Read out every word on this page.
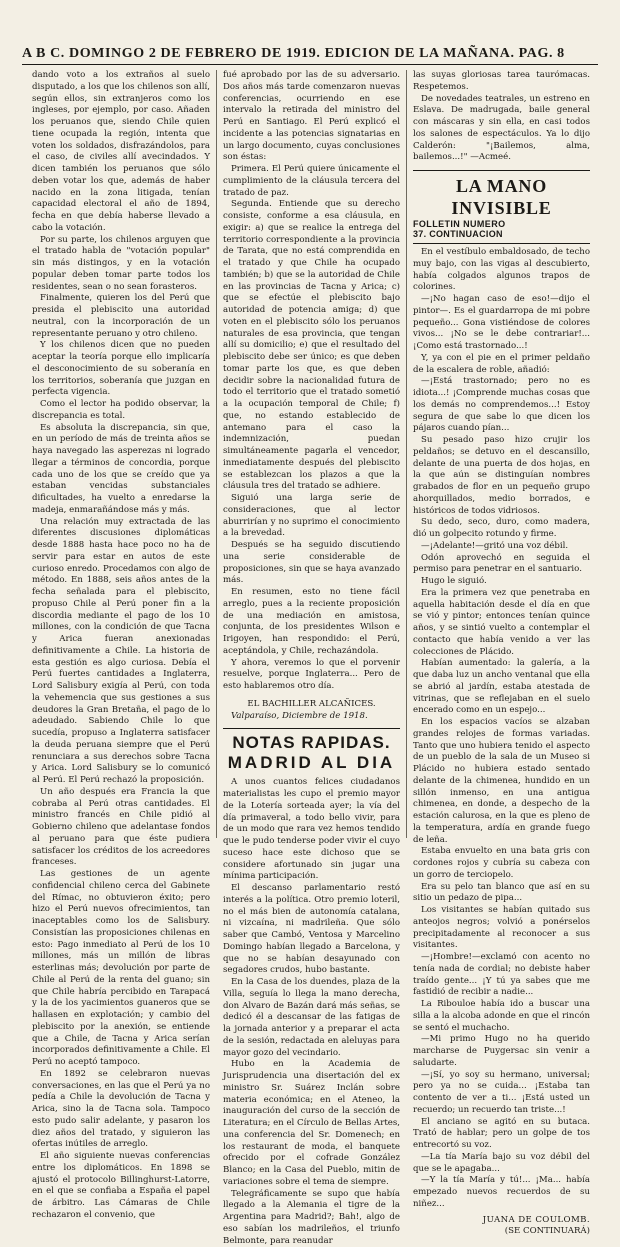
A B C. DOMINGO 2 DE FEBRERO DE 1919. EDICION DE LA MAÑANA. PAG. 8

dando voto a los extraños al suelo disputado, a los que los chilenos son allí, según ellos, sin extranjeros como los ingleses, por ejemplo, por caso. Añaden los peruanos que, siendo Chile quien tiene ocupada la región, intenta que voten los soldados, disfrazándolos, para el caso, de civiles allí avecindados. Y dicen también los peruanos que sólo deben votar los que, además de haber nacido en la zona litigada, tenían capacidad electoral el año de 1894, fecha en que debía haberse llevado a cabo la votación.

Por su parte, los chilenos arguyen que el tratado habla de "votación popular" sin más distingos, y en la votación popular deben tomar parte todos los residentes, sean o no sean forasteros.

Finalmente, quieren los del Perú que presida el plebiscito una autoridad neutral, con la incorporación de un representante peruano y otro chileno.

Y los chilenos dicen que no pueden aceptar la teoría porque ello implicaría el desconocimiento de su soberanía en los territorios, soberanía que juzgan en perfecta vigencia.

Como el lector ha podido observar, la discrepancia es total.

Es absoluta la discrepancia, sin que, en un período de más de treinta años se haya navegado las asperezas ni logrado llegar a términos de concordia, porque cada uno de los que se creído que ya estaban vencidas substanciales dificultades, ha vuelto a enredarse la madeja, enmarañándose más y más.

Una relación muy extractada de las diferentes discusiones diplomáticas desde 1888 hasta hace poco no ha de servir para estar en autos de este curioso enredo. Procedamos con algo de método. En 1888, seis años antes de la fecha señalada para el plebiscito, propuso Chile al Perú poner fin a la discordia mediante el pago de los 10 millones, con la condición de que Tacna y Arica fueran anexionadas definitivamente a Chile. La historia de esta gestión es algo curiosa. Debía el Perú fuertes cantidades a Inglaterra, Lord Salisbury exigía al Perú, con toda la vehemencia que sus gestiones a sus deudores la Gran Bretaña, el pago de lo adeudado. Sabiendo Chile lo que sucedía, propuso a Inglaterra satisfacer la deuda peruana siempre que el Perú renunciara a sus derechos sobre Tacna y Arica. Lord Salisbury se lo comunicó al Perú. El Perú rechazó la proposición.

Un año después era Francia la que cobraba al Perú otras cantidades. El ministro francés en Chile pidió al Gobierno chileno que adelantase fondos al peruano para que éste pudiera satisfacer los créditos de los acreedores franceses.

Las gestiones de un agente confidencial chileno cerca del Gabinete del Rímac, no obtuvieron éxito; pero hizo el Perú nuevos ofrecimientos, tan inaceptables como los de Salisbury. Consistían las proposiciones chilenas en esto: Pago inmediato al Perú de los 10 millones, más un millón de libras esterlinas más; devolución por parte de Chile al Perú de la renta del guano; sin que Chile habría percibido en Tarapacá y la de los yacimientos guaneros que se hallasen en explotación; y cambio del plebiscito por la anexión, se entiende que a Chile, de Tacna y Arica serían incorporados definitivamente a Chile. El Perú no aceptó tampoco.

En 1892 se celebraron nuevas conversaciones, en las que el Perú ya no pedía a Chile la devolución de Tacna y Arica, sino la de Tacna sola. Tampoco esto pudo salir adelante, y pasaron los diez años del tratado, y siguieron las ofertas inútiles de arreglo.

El año siguiente nuevas conferencias entre los diplomáticos. En 1898 se ajustó el protocolo Billinghurst-Latorre, en el que se confiaba a España el papel de árbitro. Las Cámaras de Chile rechazaron el convenio, que

fué aprobado por las de su adversario. Dos años más tarde comenzaron nuevas conferencias, ocurriendo en ese intervalo la retirada del ministro del Perú en Santiago. El Perú explicó el incidente a las potencias signatarias en un largo documento, cuyas conclusiones son éstas:

Primera. El Perú quiere únicamente el cumplimiento de la cláusula tercera del tratado de paz.

Segunda. Entiende que su derecho consiste, conforme a esa cláusula, en exigir: a) que se realice la entrega del territorio correspondiente a la provincia de Tarata, que no está comprendida en el tratado y que Chile ha ocupado también; b) que se la autoridad de Chile en las provincias de Tacna y Arica; c) que se efectúe el plebiscito bajo autoridad de potencia amiga; d) que voten en el plebiscito sólo los peruanos naturales de esa provincia, que tengan allí su domicilio; e) que el resultado del plebiscito debe ser único; es que deben tomar parte los que, es que deben decidir sobre la nacionalidad futura de todo el territorio que el tratado sometió a la ocupación temporal de Chile; f) que, no estando establecido de antemano para el caso la indemnización, puedan simultáneamente pagarla el vencedor, inmediatamente después del plebiscito se establezcan los plazos a que la cláusula tres del tratado se adhiere.

Siguió una larga serie de consideraciones, que al lector aburrirían y no suprimo el conocimiento a la brevedad.

Después se ha seguido discutiendo una serie considerable de proposiciones, sin que se haya avanzado más.

En resumen, esto no tiene fácil arreglo, pues a la reciente proposición de una mediación en amistosa, conjunta, de los presidentes Wilson e Irigoyen, han respondido: el Perú, aceptándola, y Chile, rechazándola.

Y ahora, veremos lo que el porvenir resuelve, porque Inglaterra... Pero de esto hablaremos otro día.

EL BACHILLER ALCAÑICES.

Valparaíso, Diciembre de 1918.

NOTAS RAPIDAS.
MADRID AL DIA

A unos cuantos felices ciudadanos materialistas les cupo el premio mayor de la Lotería sorteada ayer; la vía del día primaveral, a todo bello vivir, para de un modo que rara vez hemos tendido que le pudo tenderse poder vivir el cuyo suceso hace este dichoso que se considere afortunado sin jugar una mínima participación.

El descanso parlamentario restó interés a la política. Otro premio loteril, no el más bien de autonomía catalana, ni vizcaína, ni madrileña. Que sólo saber que Cambó, Ventosa y Marcelino Domingo habían llegado a Barcelona, y que no se habían desayunado con segadores crudos, hubo bastante.

En la Casa de los duendes, plaza de la Villa, seguía lo llega la mano derecha, don Alvaro de Bazán dará más señas, se dedicó él a descansar de las fatigas de la jornada anterior y a preparar el acta de la sesión, redactada en aleluyas para mayor gozo del vecindario.

Hubo en la Academia de Jurisprudencia una disertación del ex ministro Sr. Suárez Inclán sobre materia económica; en el Ateneo, la inauguración del curso de la sección de Literatura; en el Círculo de Bellas Artes, una conferencia del Sr. Domenech; en los restaurant de moda, el banquete ofrecido por el cofrade González Blanco; en la Casa del Pueblo, mitin de variaciones sobre el tema de siempre.

Telegráficamente se supo que había llegado a la Alemania el tigre de la Argentina para Madrid?; Bah!, algo de eso sabían los madrileños, el triunfo Belmonte, para reanudar

las suyas gloriosas tarea taurómacas. Respetemos.

De novedades teatrales, un estreno en Eslava. De madrugada, baile general con máscaras y sin ella, en casi todos los salones de espectáculos. Ya lo dijo Calderón: "¡Bailemos, alma, bailemos...!" —Acmeé.

LA MANO INVISIBLE
FOLLETIN NUMERO
37. CONTINUACION

En el vestíbulo embaldosado, de techo muy bajo, con las vigas al descubierto, había colgados algunos trapos de colorines.

—¡No hagan caso de eso!—dijo el pintor—. Es el guardarropa de mi pobre pequeño... Gona vistiéndose de colores vivos... ¡No se le debe contrariar!... ¡Como está trastornado...!

Y, ya con el pie en el primer peldaño de la escalera de roble, añadió:

—¡Está trastornado; pero no es idiota...! ¡Comprende muchas cosas que los demás no comprendemos...! Estoy segura de que sabe lo que dicen los pájaros cuando pían...

Su pesado paso hizo crujir los peldaños; se detuvo en el descansillo, delante de una puerta de dos hojas, en la que aún se distinguían nombres grabados de flor en un pequeño grupo ahorquillados, medio borrados, e históricos de todos vidriosos.

Su dedo, seco, duro, como madera, dió un golpecito rotundo y firme.

—¡Adelante!—gritó una voz débil.

Odón aprovechó en seguida el permiso para penetrar en el santuario.

Hugo le siguió.

Era la primera vez que penetraba en aquella habitación desde el día en que se vió y pintor; entonces tenían quince años, y se sintió vuelto a contemplar el contacto que había venido a ver las colecciones de Plácido.

Habían aumentado: la galería, a la que daba luz un ancho ventanal que ella se abrió al jardín, estaba atestada de vitrinas, que se reflejaban en el suelo encerado como en un espejo...

En los espacios vacíos se alzaban grandes relojes de formas variadas. Tanto que uno hubiera tenido el aspecto de un pueblo de la sala de un Museo si Plácido no hubiera estado sentado delante de la chimenea, hundido en un sillón inmenso, en una antigua chimenea, en donde, a despecho de la estación calurosa, en la que es pleno de la temperatura, ardía en grande fuego de leña.

Estaba envuelto en una bata gris con cordones rojos y cubría su cabeza con un gorro de terciopelo.

Era su pelo tan blanco que así en su sitio un pedazo de pipa...

Los visitantes se habían quitado sus anteojos negros; volvió a ponérselos precipitadamente al reconocer a sus visitantes.

—¡Hombre!—exclamó con acento no tenía nada de cordial; no debiste haber traído gente... ¡Y tú ya sabes que me fastidió de recibir a nadie...

La Ribouloe había ido a buscar una silla a la alcoba adonde en que el rincón se sentó el muchacho.

—Mi primo Hugo no ha querido marcharse de Puygersac sin venir a saludarte.

—¡Sí, yo soy su hermano, universal; pero ya no se cuida... ¡Estaba tan contento de ver a ti... ¡Está usted un recuerdo; un recuerdo tan triste...!

El anciano se agitó en su butaca. Trató de hablar; pero un golpe de tos entrecortó su voz.

—La tía María bajo su voz débil del que se le apagaba...

—Y la tía María y tú!... ¡Ma... había empezado nuevos recuerdos de su niñez...

JUANA DE COULOMB.
(SE CONTINUARÁ)
